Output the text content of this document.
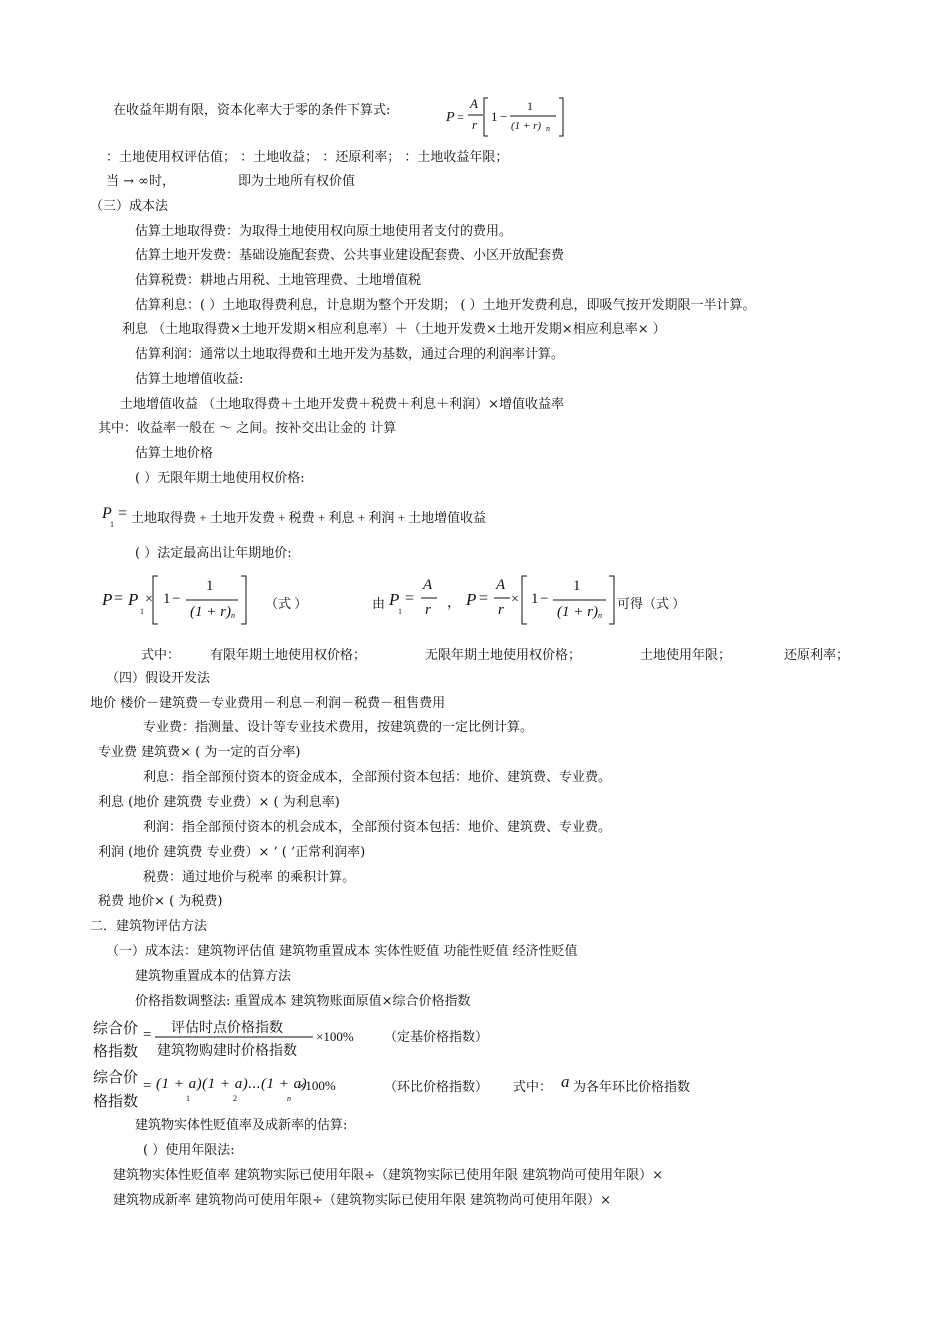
在收益年期有限，资本化率大于零的条件下算式:
：土地使用权评估值； ：土地收益； ：还原利率； ：土地收益年限；
当 → ∞时，	即为土地所有权价值
（三）成本法
估算土地取得费：为取得土地使用权向原土地使用者支付的费用。
估算土地开发费：基础设施配套费、公共事业建设配套费、小区开放配套费
估算税费：耕地占用税、土地管理费、土地增值税
估算利息：( ）土地取得费利息，计息期为整个开发期； ( ）土地开发费利息，即吸气按开发期限一半计算。
利息 （土地取得费×土地开发期×相应利息率）＋（土地开发费×土地开发期×相应利息率× ）
估算利润：通常以土地取得费和土地开发为基数，通过合理的利润率计算。
估算土地增值收益:
土地增值收益 （土地取得费＋土地开发费＋税费＋利息＋利润）×增值收益率
其中：收益率一般在 ～ 之间。按补交出让金的 计算
估算土地价格
( ）无限年期土地使用权价格:
( ）法定最高出让年期地价:
式中： 有限年期土地使用权价格；	无限年期土地使用权价格；	土地使用年限；	还原利率；
（四）假设开发法
地价 楼价－建筑费－专业费用－利息－利润－税费－租售费用
专业费：指测量、设计等专业技术费用，按建筑费的一定比例计算。
专业费 建筑费× ( 为一定的百分率)
利息：指全部预付资本的资金成本，全部预付资本包括：地价、建筑费、专业费。
利息 (地价 建筑费 专业费）× ( 为利息率)
利润：指全部预付资本的机会成本，全部预付资本包括：地价、建筑费、专业费。
利润 (地价 建筑费 专业费）× ’ ( ’正常利润率)
税费：通过地价与税率 的乘积计算。
税费 地价× ( 为税费)
二．建筑物评估方法
（一）成本法：建筑物评估值 建筑物重置成本 实体性贬值 功能性贬值 经济性贬值
建筑物重置成本的估算方法
价格指数调整法: 重置成本 建筑物账面原值×综合价格指数
建筑物实体性贬值率及成新率的估算:
( ）使用年限法:
建筑物实体性贬值率 建筑物实际已使用年限÷（建筑物实际已使用年限 建筑物尚可使用年限）×
建筑物成新率 建筑物尚可使用年限÷（建筑物实际已使用年限 建筑物尚可使用年限）×
P =
A
r
1 −
1
(1 + r) n
P
1
= 土地取得费 + 土地开发费 + 税费 + 利息 + 利润 + 土地增值收益
P = P
1
× 1 −
1
(1 + r) n
（式 ）	由 P
1
=
A
r ， P =
A
r
× 1 −
1
(1 + r) n
可得（式 ）
综合价
格指数
= 评估时点价格指数
建筑物购建时价格指数
×100% （定基价格指数）
综合价
格指数
= (1 + a)(1 + a)...(1 + a)
1	2	n
×100%	（环比价格指数） 式中： a 为各年环比价格指数
